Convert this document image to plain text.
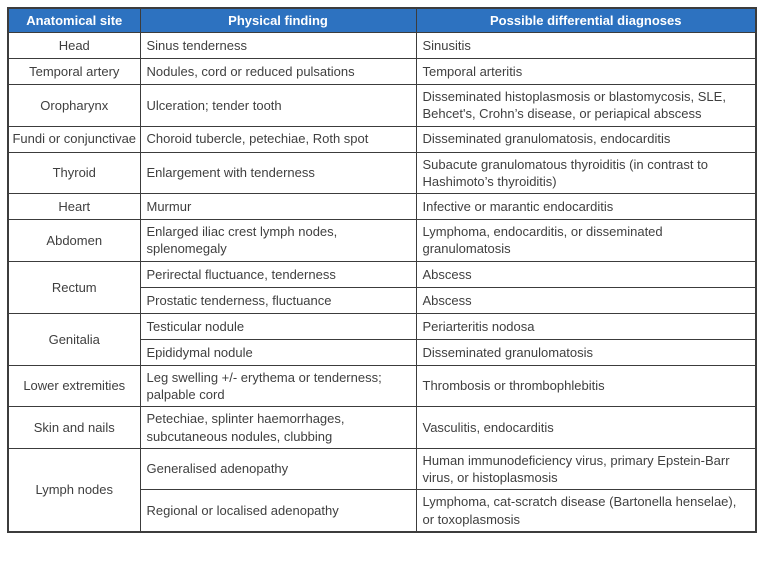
Anatomical site	Physical finding	Possible differential diagnoses
Head	Sinus tenderness	Sinusitis
Temporal artery	Nodules, cord or reduced pulsations	Temporal arteritis
Oropharynx	Ulceration; tender tooth	Disseminated histoplasmosis or blastomycosis, SLE, Behcet's, Crohn’s disease, or periapical abscess
Fundi or conjunctivae	Choroid tubercle, petechiae, Roth spot	Disseminated granulomatosis, endocarditis
Thyroid	Enlargement with tenderness	Subacute granulomatous thyroiditis (in contrast to Hashimoto’s thyroiditis)
Heart	Murmur	Infective or marantic endocarditis
Abdomen	Enlarged iliac crest lymph nodes, splenomegaly	Lymphoma, endocarditis, or disseminated granulomatosis
Rectum	Perirectal fluctuance, tenderness	Abscess
	Prostatic tenderness, fluctuance	Abscess
Genitalia	Testicular nodule	Periarteritis nodosa
	Epididymal nodule	Disseminated granulomatosis
Lower extremities	Leg swelling +/- erythema or tenderness; palpable cord	Thrombosis or thrombophlebitis
Skin and nails	Petechiae, splinter haemorrhages, subcutaneous nodules, clubbing	Vasculitis, endocarditis
Lymph nodes	Generalised adenopathy	Human immunodeficiency virus, primary Epstein-Barr virus, or histoplasmosis
	Regional or localised adenopathy	Lymphoma, cat-scratch disease (Bartonella henselae), or toxoplasmosis
